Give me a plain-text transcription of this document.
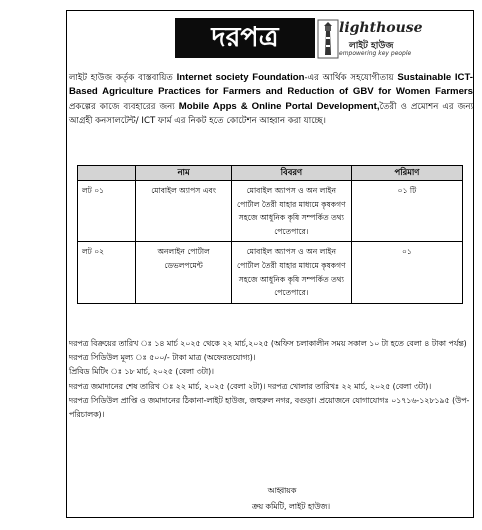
দরপত্র	lighthouse
লাইট হাউজ
empowering key people
লাইট হাউজ কর্তৃক বাস্তবায়িত Internet society Foundation-এর আর্থিক সহযোগীতায় Sustainable ICT-Based Agriculture Practices for Farmers and Reduction of GBV for Women Farmers প্রকল্পের কাজে ব্যবহারের জন্য Mobile Apps & Online Portal Development,তৈরী ও প্রমোশন এর জন্য আগ্রহী কনসালটেন্ট/ ICT ফার্ম এর নিকট হতে কোটেশন আহ্বান করা যাচ্ছে।
	নাম	বিবরণ	পরিমাণ
লট ০১	মোবাইল অ্যাপস এবং	মোবাইল অ্যাপস ও অন লাইন পোর্টাল তৈরী যাহার মাধ্যমে কৃষকগণ সহজে আধুনিক কৃষি সম্পর্কিত তথ্য পেতেপারে।	০১ টি
লট ০২	অনলাইন পোর্টাল ডেভলপমেন্ট	মোবাইল অ্যাপস ও অন লাইন পোর্টাল তৈরী যাহার মাধ্যমে কৃষকগণ সহজে আধুনিক কৃষি সম্পর্কিত তথ্য পেতেপারে।	০১

দরপত্র বিক্রয়ের তারিখ ঃ ১৪ মার্চ ২০২৫ থেকে ২২ মার্চ,২০২৫ (অফিস চলাকালীন সময় সকাল ১০ টা হতে বেলা ৪ টাকা পর্যন্ত)

দরপত্র সিডিউল মূল্য ঃ ৫০০/- টাকা মাত্র (অফেরতযোগ্য)।

প্রিবিড মিটিং ঃ ১৮ মার্চ, ২০২৫ (বেলা ৩টা)।

দরপত্র জমাদানের শেষ তারিখ ঃ ২২ মার্চ, ২০২৫ (বেলা ২টা)। দরপত্র খোলার তারিখঃ ২২ মার্চ, ২০২৫ (বেলা ৩টা)।

দরপত্র সিডিউল প্রাপ্তি ও জমাদানের ঠিকানা-লাইট হাউজ, জহুরুল নগর, বগুড়া। প্রয়োজনে যোগাযোগঃ ০১৭১৬-১২৮১৯৫ (উপ-পরিচালক)।

আহ্বায়ক
ক্রয় কমিটি, লাইট হাউজ।
